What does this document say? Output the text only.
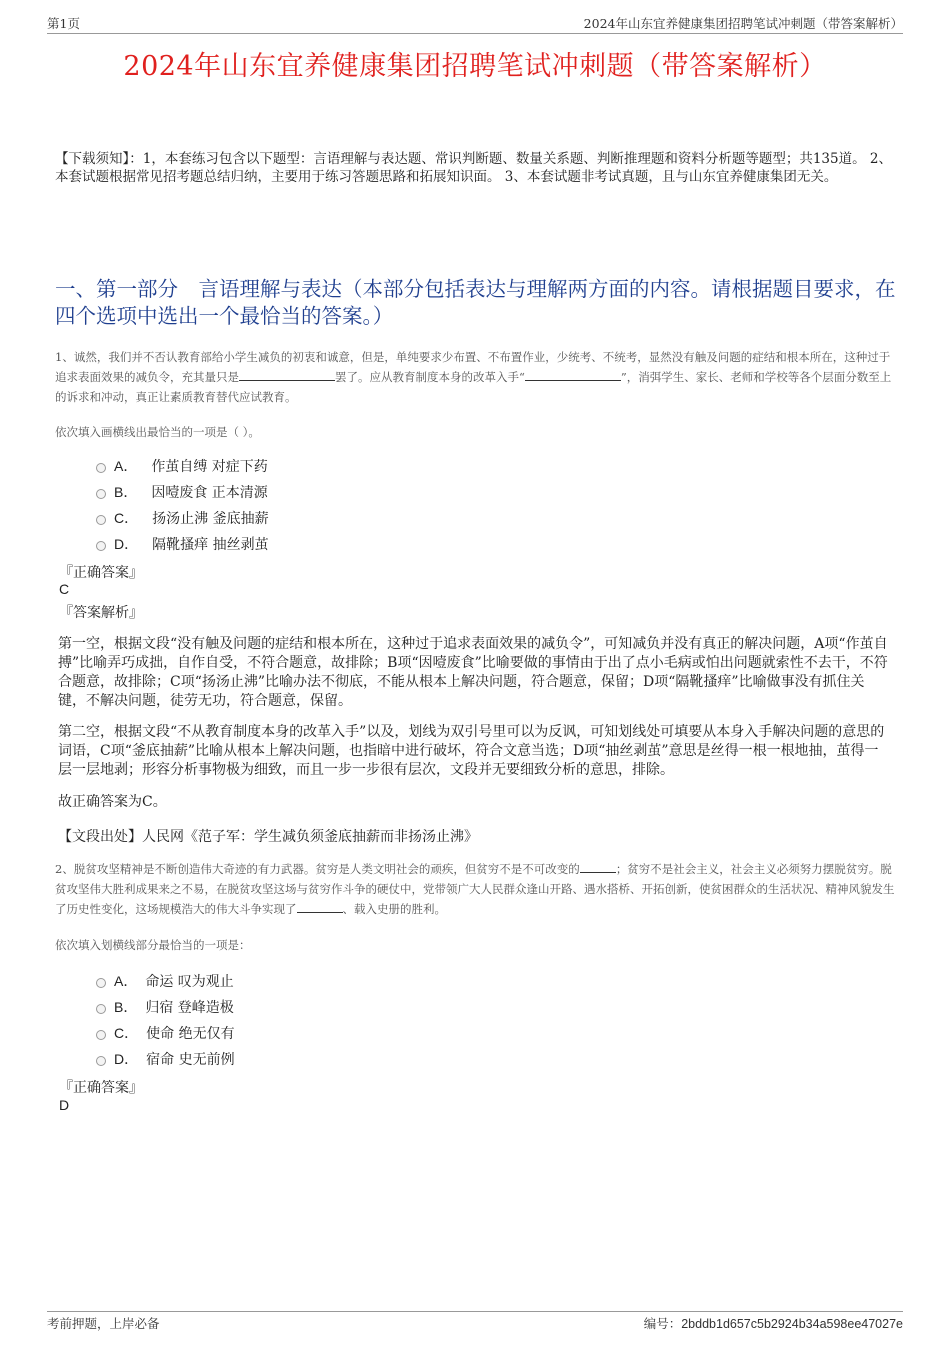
第1页	2024年山东宜养健康集团招聘笔试冲刺题（带答案解析）
2024年山东宜养健康集团招聘笔试冲刺题（带答案解析）
【下载须知】：1，本套练习包含以下题型：言语理解与表达题、常识判断题、数量关系题、判断推理题和资料分析题等题型；共135道。 2、本套试题根据常见招考题总结归纳，主要用于练习答题思路和拓展知识面。 3、本套试题非考试真题，且与山东宜养健康集团无关。
一、第一部分　言语理解与表达（本部分包括表达与理解两方面的内容。请根据题目要求，在四个选项中选出一个最恰当的答案。）
1、诚然，我们并不否认教育部给小学生减负的初衷和诚意，但是，单纯要求少布置、不布置作业，少统考、不统考，显然没有触及问题的症结和根本所在，这种过于追求表面效果的减负令，充其量只是	罢了。应从教育制度本身的改革入手“	”，消弭学生、家长、老师和学校等各个层面分数至上的诉求和冲动，真正让素质教育替代应试教育。
依次填入画横线出最恰当的一项是（ ）。
A． 作茧自缚 对症下药
B． 因噎废食 正本清源
C． 扬汤止沸 釜底抽薪
D． 隔靴搔痒 抽丝剥茧
『正确答案』
C
『答案解析』
第一空，根据文段“没有触及问题的症结和根本所在，这种过于追求表面效果的减负令”，可知减负并没有真正的解决问题，A项“作茧自搏”比喻弄巧成拙，自作自受，不符合题意，故排除；B项“因噎废食”比喻要做的事情由于出了点小毛病或怕出问题就索性不去干，不符合题意，故排除；C项“扬汤止沸”比喻办法不彻底，不能从根本上解决问题，符合题意，保留；D项“隔靴搔痒”比喻做事没有抓住关键，不解决问题，徒劳无功，符合题意，保留。
第二空，根据文段“不从教育制度本身的改革入手”以及，划线为双引号里可以为反讽，可知划线处可填要从本身入手解决问题的意思的词语，C项“釜底抽薪”比喻从根本上解决问题，也指暗中进行破坏，符合文意当选；D项“抽丝剥茧”意思是丝得一根一根地抽，茧得一层一层地剥；形容分析事物极为细致，而且一步一步很有层次，文段并无要细致分析的意思，排除。
故正确答案为C。
【文段出处】人民网《范子军：学生减负须釜底抽薪而非扬汤止沸》
2、脱贫攻坚精神是不断创造伟大奇迹的有力武器。贫穷是人类文明社会的顽疾，但贫穷不是不可改变的	；贫穷不是社会主义，社会主义必须努力摆脱贫穷。脱贫攻坚伟大胜利成果来之不易，在脱贫攻坚这场与贫穷作斗争的硬仗中，党带领广大人民群众逢山开路、遇水搭桥、开拓创新，使贫困群众的生活状况、精神风貌发生了历史性变化，这场规模浩大的伟大斗争实现了	、载入史册的胜利。
依次填入划横线部分最恰当的一项是：
A． 命运 叹为观止
B． 归宿 登峰造极
C． 使命 绝无仅有
D． 宿命 史无前例
『正确答案』
D
考前押题，上岸必备	编号：2bddb1d657c5b2924b34a598ee47027e
